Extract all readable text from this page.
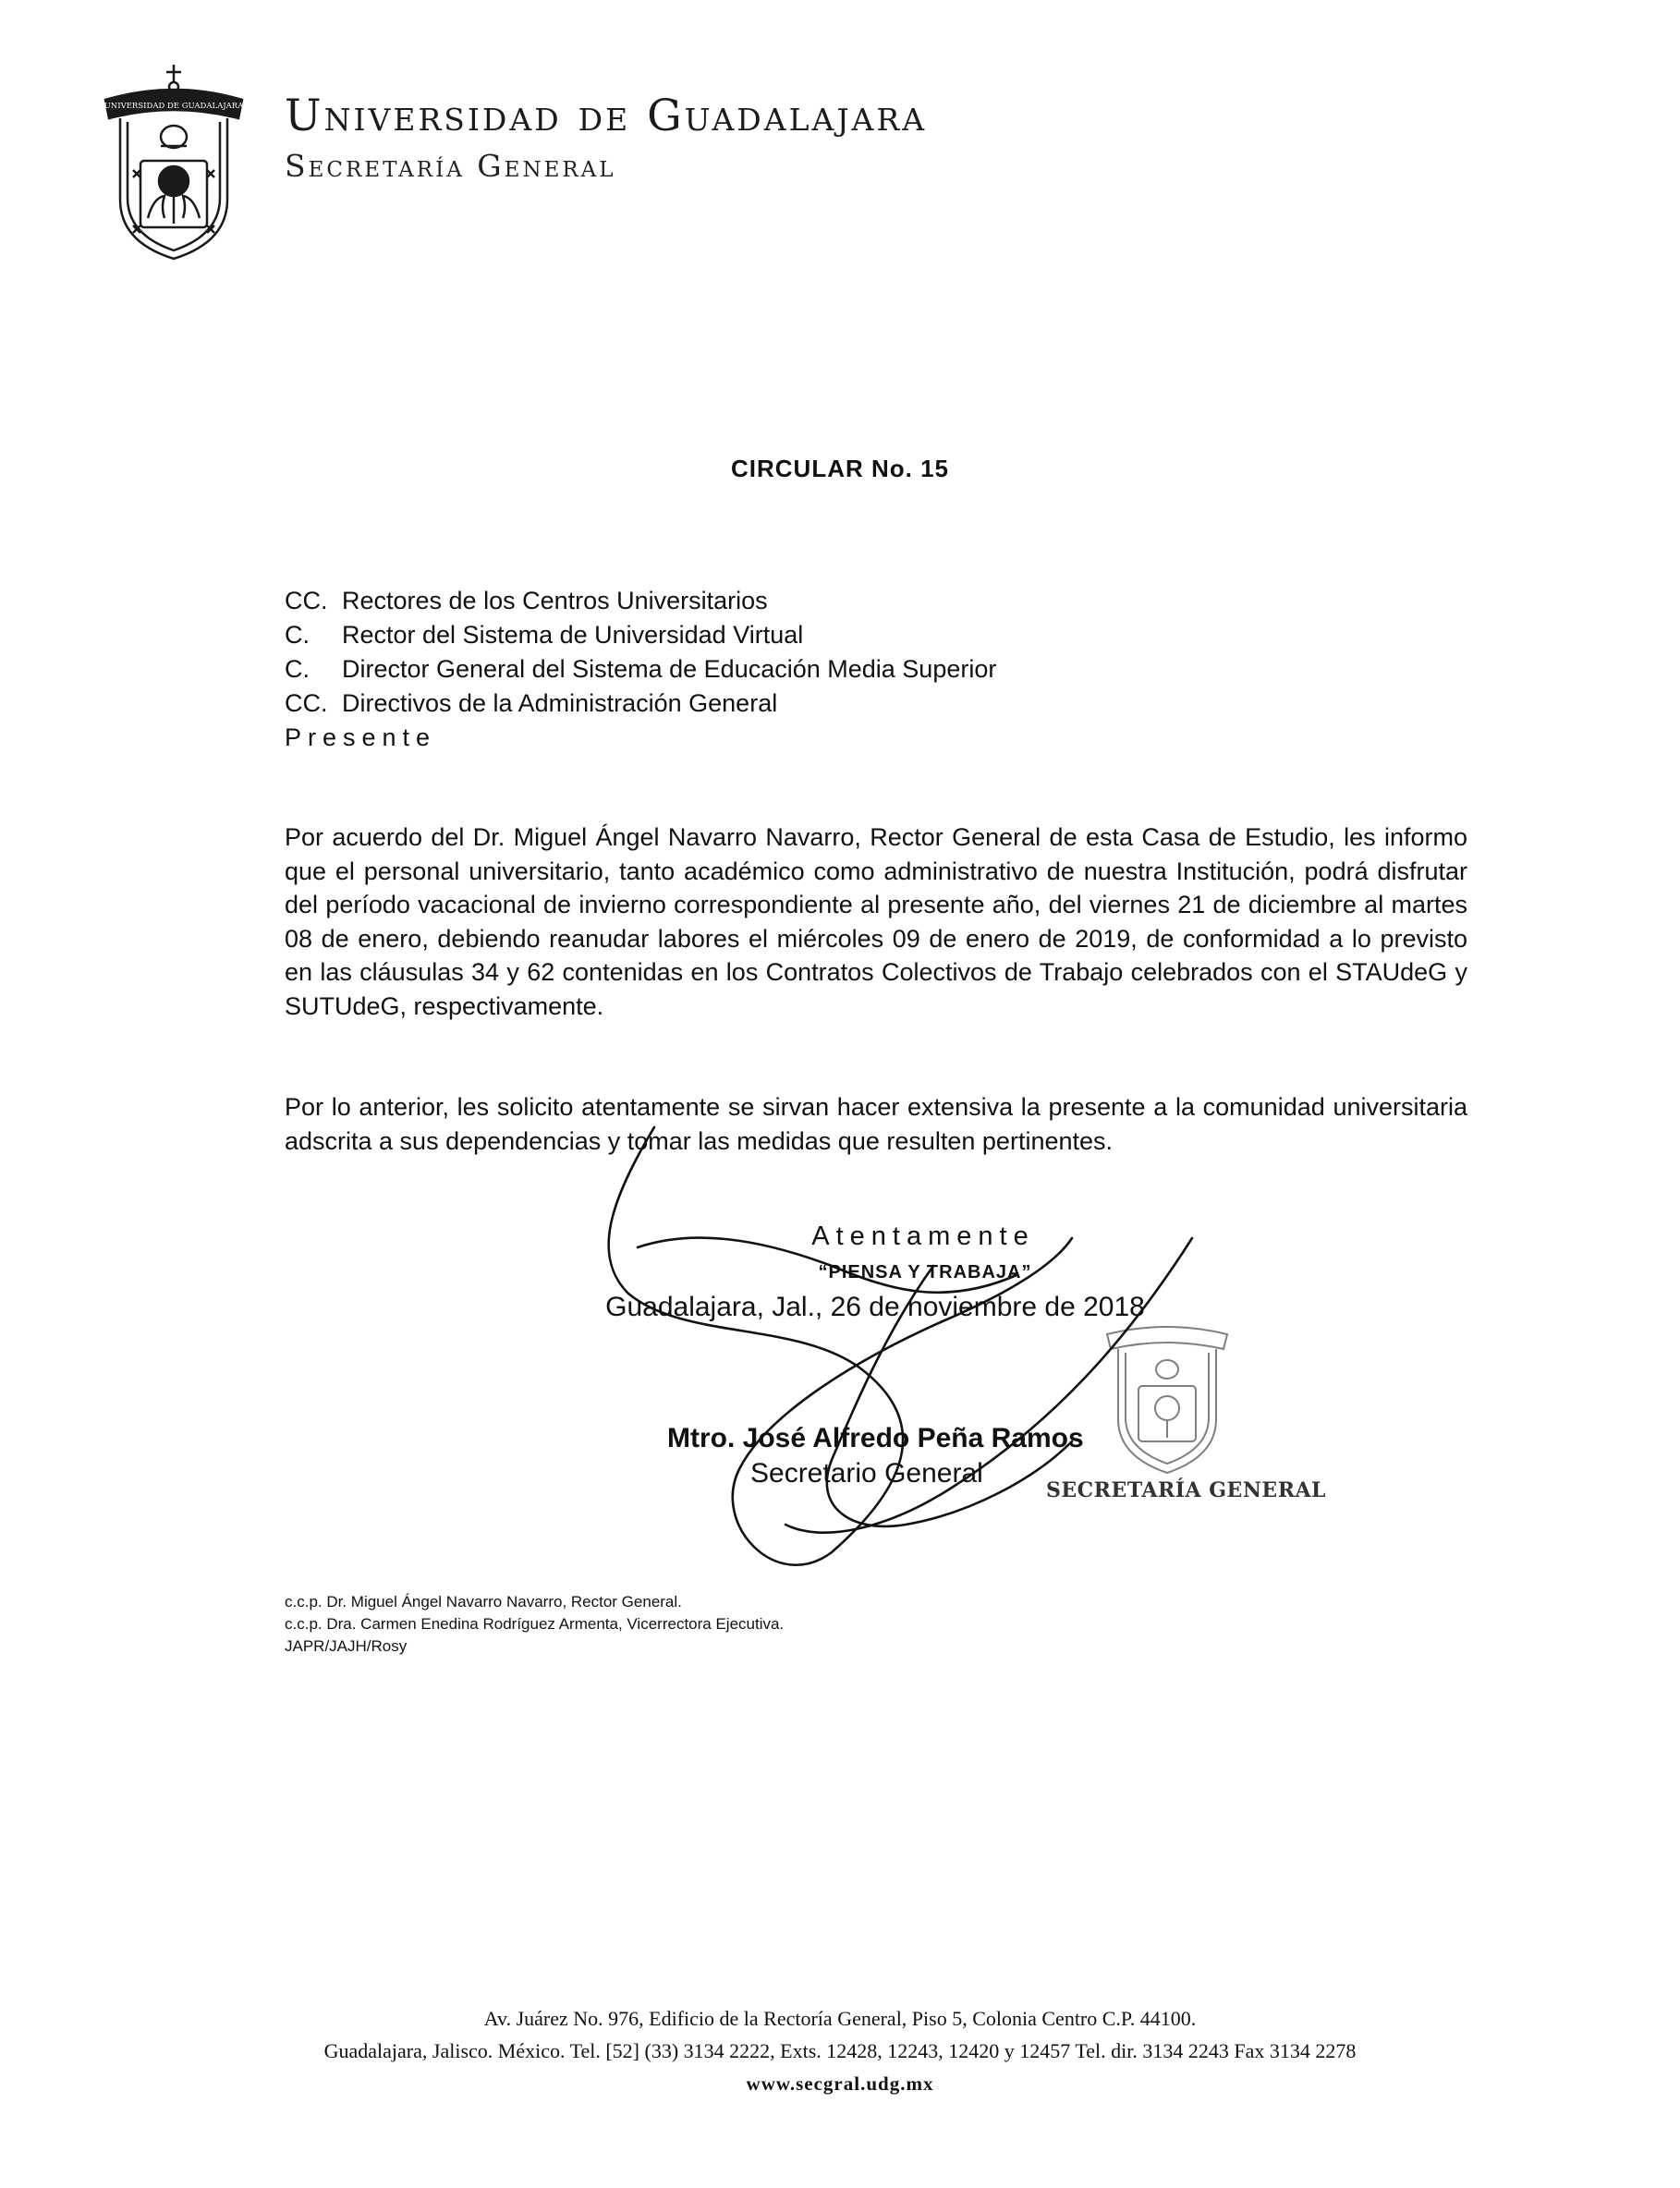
UNIVERSIDAD DE GUADALAJARA Universidad de Guadalajara
Secretaría General
CIRCULAR No. 15
CC. Rectores de los Centros Universitarios
C. Rector del Sistema de Universidad Virtual
C. Director General del Sistema de Educación Media Superior
CC. Directivos de la Administración General
Presente
Por acuerdo del Dr. Miguel Ángel Navarro Navarro, Rector General de esta Casa de Estudio, les informo que el personal universitario, tanto académico como administrativo de nuestra Institución, podrá disfrutar del período vacacional de invierno correspondiente al presente año, del viernes 21 de diciembre al martes 08 de enero, debiendo reanudar labores el miércoles 09 de enero de 2019, de conformidad a lo previsto en las cláusulas 34 y 62 contenidas en los Contratos Colectivos de Trabajo celebrados con el STAUdeG y SUTUdeG, respectivamente.
Por lo anterior, les solicito atentamente se sirvan hacer extensiva la presente a la comunidad universitaria adscrita a sus dependencias y tomar las medidas que resulten pertinentes.
Atentamente
“PIENSA Y TRABAJA”
Guadalajara, Jal., 26 de noviembre de 2018
SECRETARÍA GENERAL
Mtro. José Alfredo Peña Ramos
Secretario General
c.c.p. Dr. Miguel Ángel Navarro Navarro, Rector General.
c.c.p. Dra. Carmen Enedina Rodríguez Armenta, Vicerrectora Ejecutiva.
JAPR/JAJH/Rosy
Av. Juárez No. 976, Edificio de la Rectoría General, Piso 5, Colonia Centro C.P. 44100.
Guadalajara, Jalisco. México. Tel. [52] (33) 3134 2222, Exts. 12428, 12243, 12420 y 12457 Tel. dir. 3134 2243 Fax 3134 2278
www.secgral.udg.mx
